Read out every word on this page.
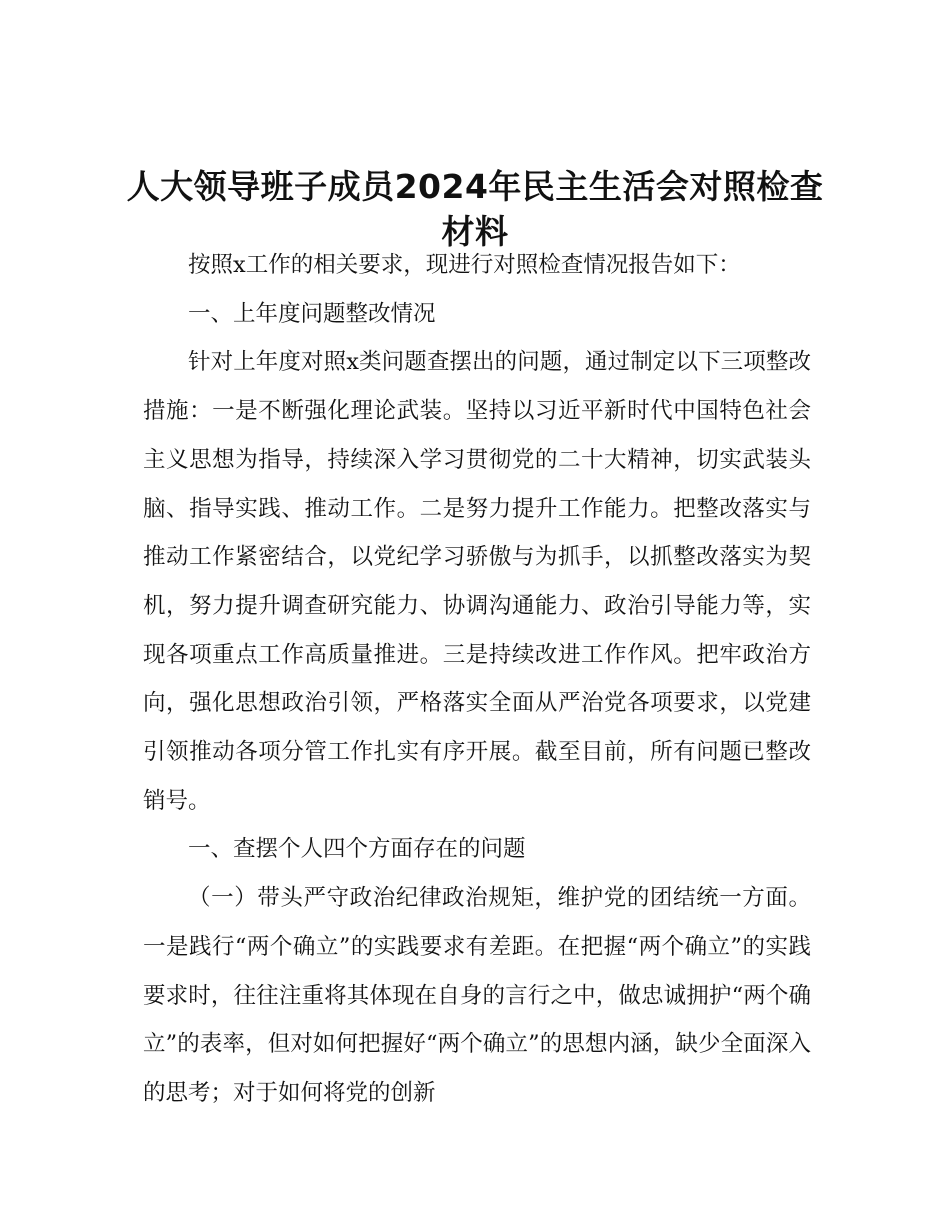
人大领导班子成员2024年民主生活会对照检查材料

按照x工作的相关要求，现进行对照检查情况报告如下：

一、上年度问题整改情况

针对上年度对照x类问题查摆出的问题，通过制定以下三项整改措施：一是不断强化理论武装。坚持以习近平新时代中国特色社会主义思想为指导，持续深入学习贯彻党的二十大精神，切实武装头脑、指导实践、推动工作。二是努力提升工作能力。把整改落实与推动工作紧密结合，以党纪学习骄傲与为抓手，以抓整改落实为契机，努力提升调查研究能力、协调沟通能力、政治引导能力等，实现各项重点工作高质量推进。三是持续改进工作作风。把牢政治方向，强化思想政治引领，严格落实全面从严治党各项要求，以党建引领推动各项分管工作扎实有序开展。截至目前，所有问题已整改销号。

一、查摆个人四个方面存在的问题

（一）带头严守政治纪律政治规矩，维护党的团结统一方面。一是践行“两个确立”的实践要求有差距。在把握“两个确立”的实践要求时，往往注重将其体现在自身的言行之中，做忠诚拥护“两个确立”的表率，但对如何把握好“两个确立”的思想内涵，缺少全面深入的思考；对于如何将党的创新
